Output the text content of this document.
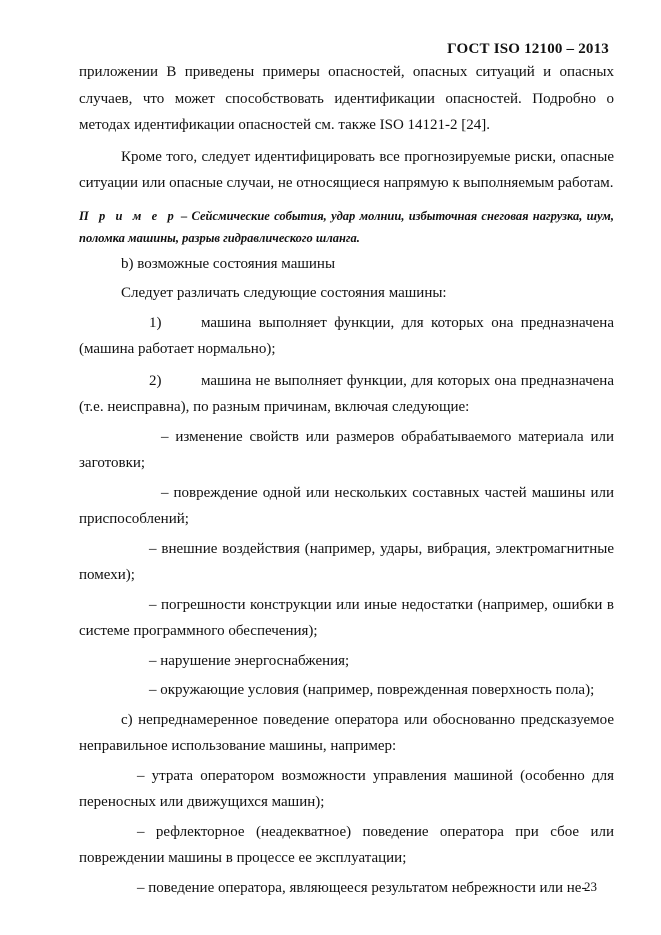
ГОСТ ISO 12100 – 2013

приложении В приведены примеры опасностей, опасных ситуаций и опасных случаев, что может способствовать идентификации опасностей. Подробно о методах идентификации опасностей см. также ISO 14121-2 [24].

Кроме того, следует идентифицировать все прогнозируемые риски, опасные ситуации или опасные случаи, не относящиеся напрямую к выполняемым работам.

П р и м е р – Сейсмические события, удар молнии, избыточная снеговая нагрузка, шум, поломка машины, разрыв гидравлического шланга.

b) возможные состояния машины

Следует различать следующие состояния машины:

1)	машина выполняет функции, для которых она предназначена (машина работает нормально);

2)	машина не выполняет функции, для которых она предназначена (т.е. неисправна), по разным причинам, включая следующие:

– изменение свойств или размеров обрабатываемого материала или заготовки;

– повреждение одной или нескольких составных частей машины или приспособлений;

– внешние воздействия (например, удары, вибрация, электромагнитные помехи);

– погрешности конструкции или иные недостатки (например, ошибки в системе программного обеспечения);

– нарушение энергоснабжения;

– окружающие условия (например, поврежденная поверхность пола);

с) непреднамеренное поведение оператора или обоснованно предсказуемое неправильное использование машины, например:

– утрата оператором возможности управления машиной (особенно для переносных или движущихся машин);

– рефлекторное (неадекватное) поведение оператора при сбое или повреждении машины в процессе ее эксплуатации;

– поведение оператора, являющееся результатом небрежности или не-

23
